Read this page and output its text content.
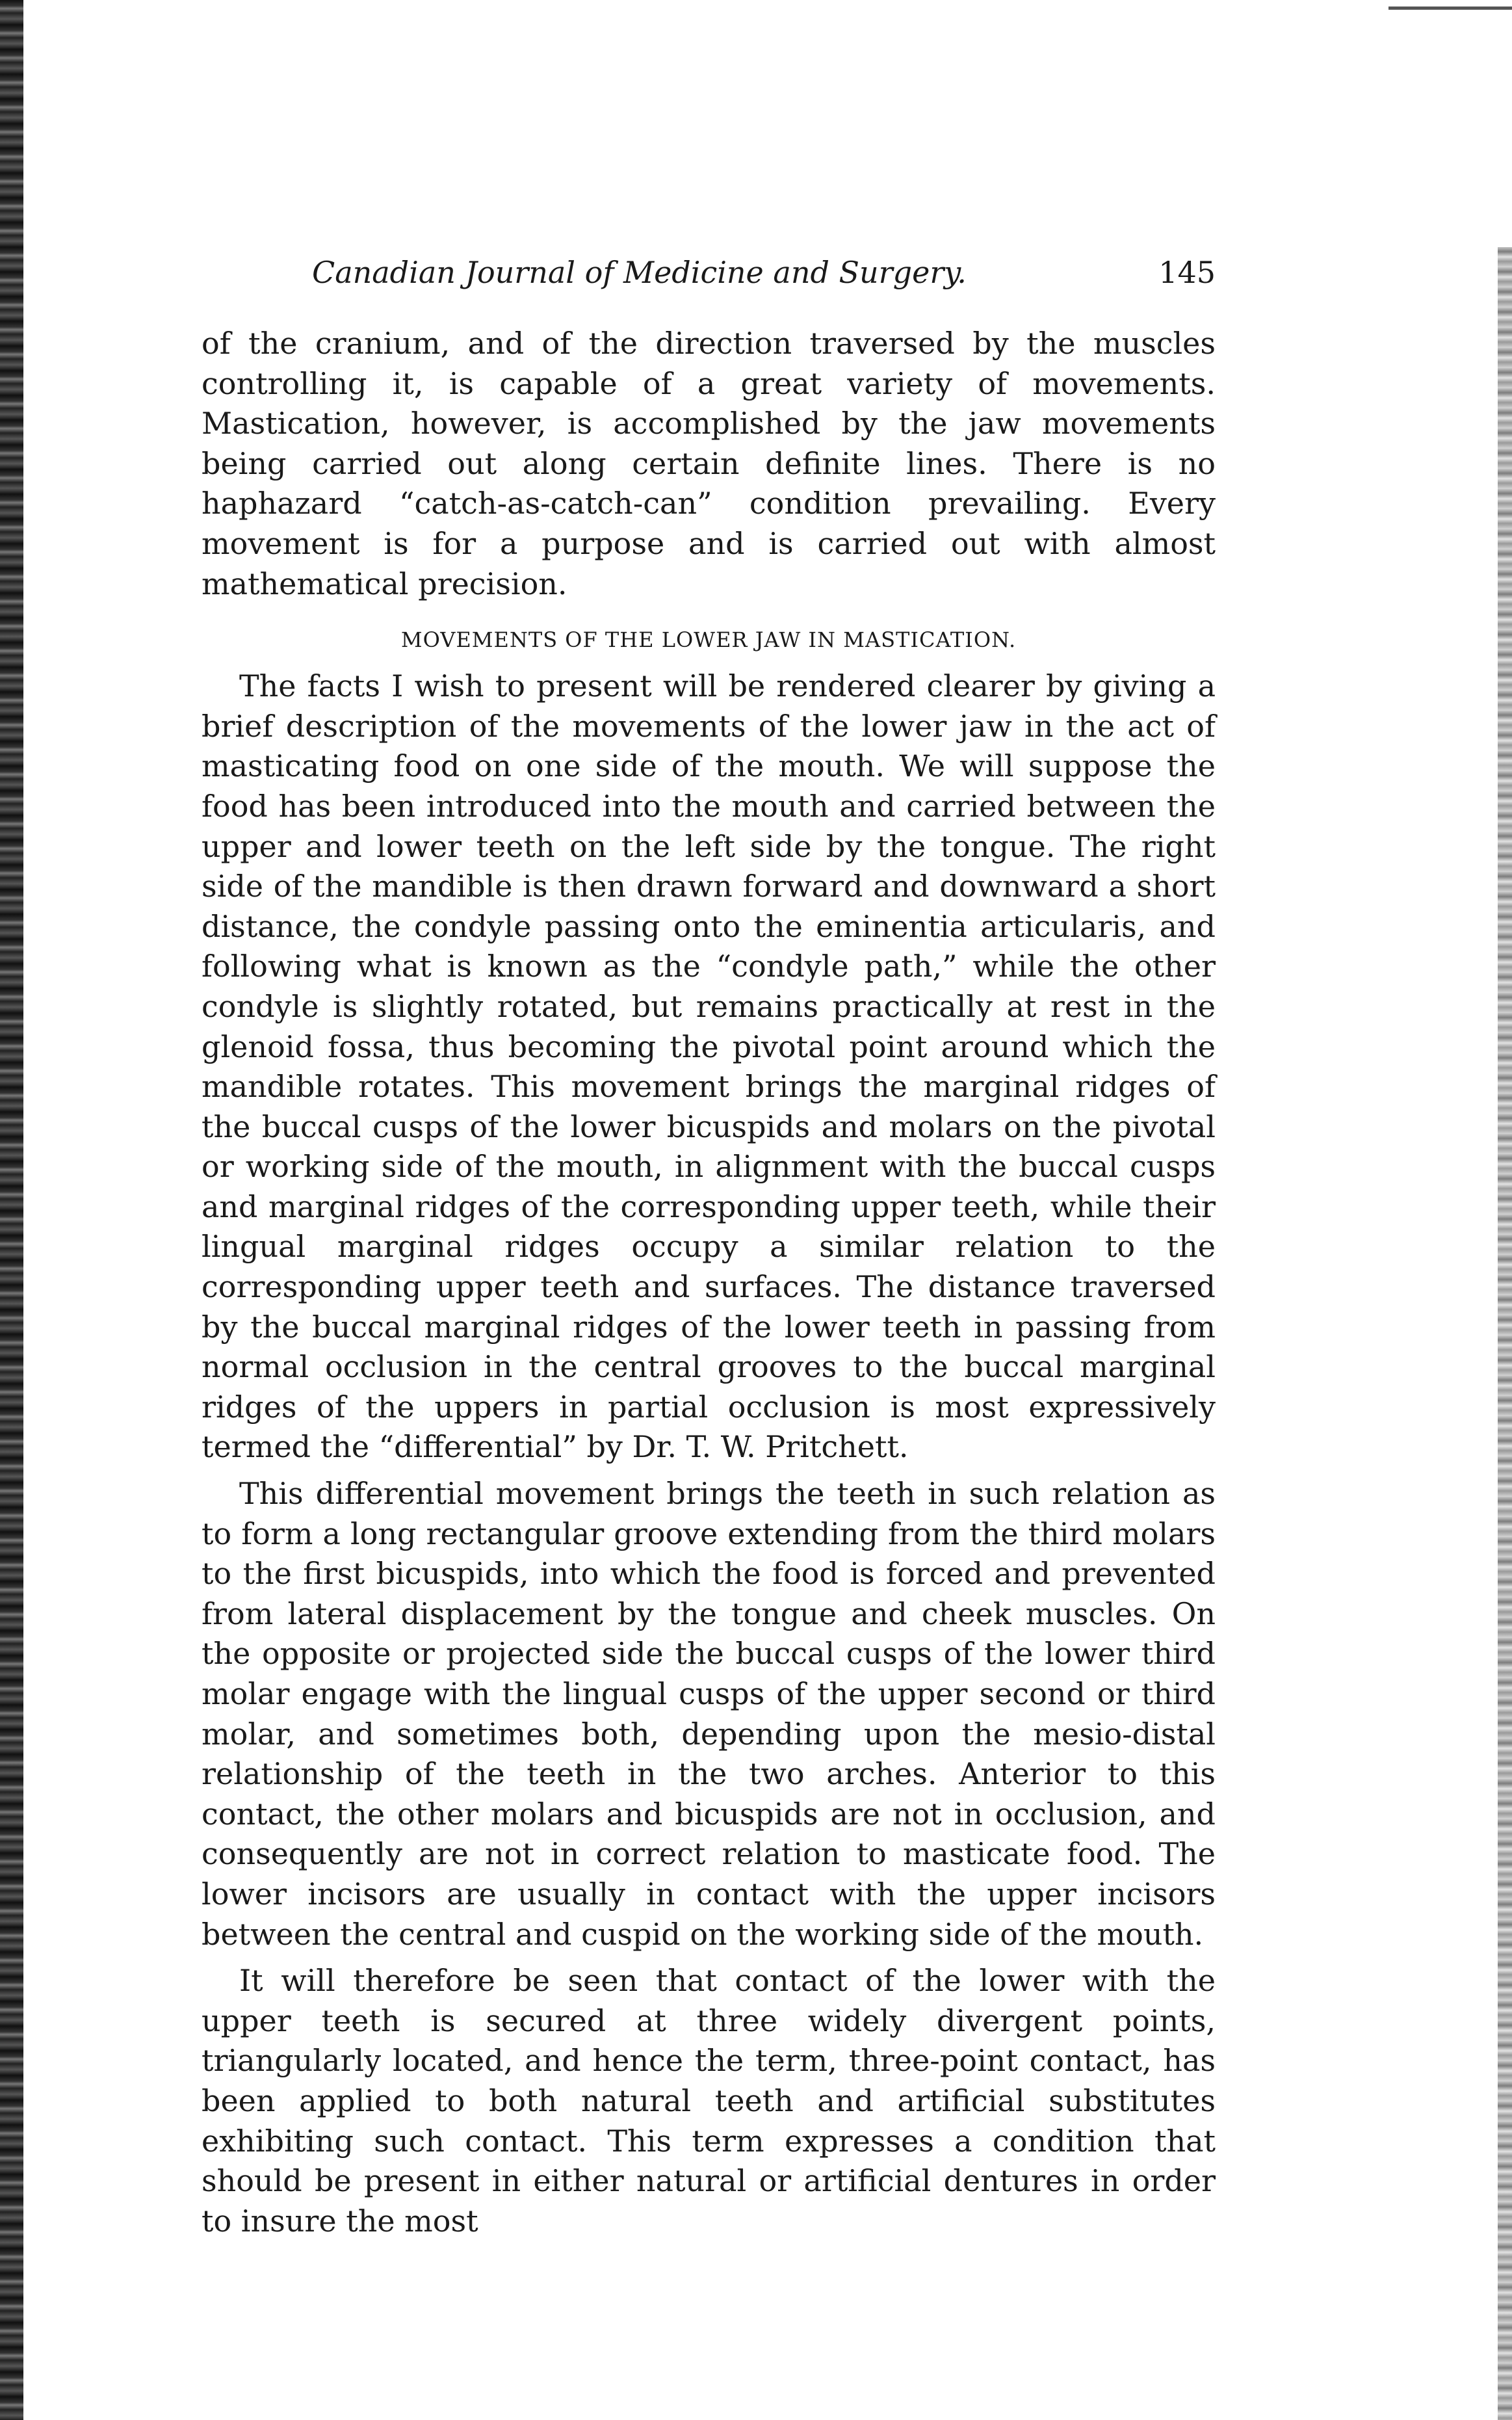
Canadian Journal of Medicine and Surgery.	145

of the cranium, and of the direction traversed by the muscles controlling it, is capable of a great variety of movements. Mastication, however, is accomplished by the jaw movements being carried out along certain definite lines. There is no haphazard “catch-as-catch-can” condition prevailing. Every movement is for a purpose and is carried out with almost mathematical precision.

MOVEMENTS OF THE LOWER JAW IN MASTICATION.

The facts I wish to present will be rendered clearer by giving a brief description of the movements of the lower jaw in the act of masticating food on one side of the mouth. We will suppose the food has been introduced into the mouth and carried between the upper and lower teeth on the left side by the tongue. The right side of the mandible is then drawn forward and downward a short distance, the condyle passing onto the eminentia articularis, and following what is known as the “condyle path,” while the other condyle is slightly rotated, but remains practically at rest in the glenoid fossa, thus becoming the pivotal point around which the mandible rotates. This movement brings the marginal ridges of the buccal cusps of the lower bicuspids and molars on the pivotal or working side of the mouth, in alignment with the buccal cusps and marginal ridges of the corresponding upper teeth, while their lingual marginal ridges occupy a similar relation to the corresponding upper teeth and surfaces. The distance traversed by the buccal marginal ridges of the lower teeth in passing from normal occlusion in the central grooves to the buccal marginal ridges of the uppers in partial occlusion is most expressively termed the “differential” by Dr. T. W. Pritchett.

This differential movement brings the teeth in such relation as to form a long rectangular groove extending from the third molars to the first bicuspids, into which the food is forced and prevented from lateral displacement by the tongue and cheek muscles. On the opposite or projected side the buccal cusps of the lower third molar engage with the lingual cusps of the upper second or third molar, and sometimes both, depending upon the mesio-distal relationship of the teeth in the two arches. Anterior to this contact, the other molars and bicuspids are not in occlusion, and consequently are not in correct relation to masticate food. The lower incisors are usually in contact with the upper incisors between the central and cuspid on the working side of the mouth.

It will therefore be seen that contact of the lower with the upper teeth is secured at three widely divergent points, triangularly located, and hence the term, three-point contact, has been applied to both natural teeth and artificial substitutes exhibiting such contact. This term expresses a condition that should be present in either natural or artificial dentures in order to insure the most
